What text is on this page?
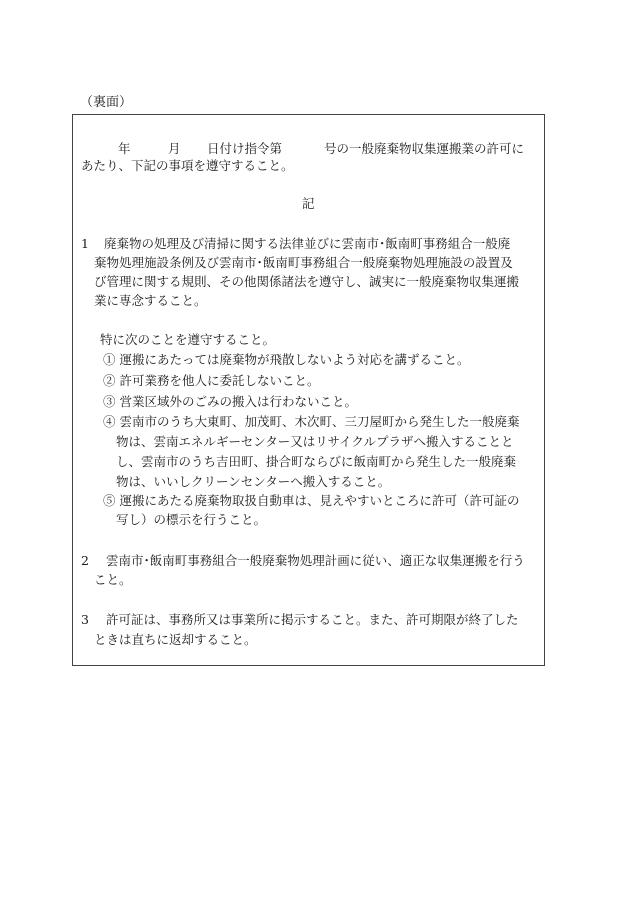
（裏面）

年

	月

日付け指令第

	号の一般廃棄物収集運搬業の許可に

あたり、下記の事項を遵守すること。
記
1 廃棄物の処理及び清掃に関する法律並びに雲南市･飯南町事務組合一般廃
棄物処理施設条例及び雲南市･飯南町事務組合一般廃棄物処理施設の設置及
び管理に関する規則、その他関係諸法を遵守し、誠実に一般廃棄物収集運搬
業に専念すること。
特に次のことを遵守すること。
① 運搬にあたっては廃棄物が飛散しないよう対応を講ずること。
② 許可業務を他人に委託しないこと。
③ 営業区域外のごみの搬入は行わないこと。
④ 雲南市のうち大東町、加茂町、木次町、三刀屋町から発生した一般廃棄
物は、雲南エネルギーセンター又はリサイクルプラザへ搬入することと
し、雲南市のうち吉田町、掛合町ならびに飯南町から発生した一般廃棄
物は、いいしクリーンセンターへ搬入すること。
⑤ 運搬にあたる廃棄物取扱自動車は、見えやすいところに許可（許可証の
写し）の標示を行うこと。
2 雲南市･飯南町事務組合一般廃棄物処理計画に従い、適正な収集運搬を行う
こと。
3 許可証は、事務所又は事業所に掲示すること。また、許可期限が終了した
ときは直ちに返却すること。
